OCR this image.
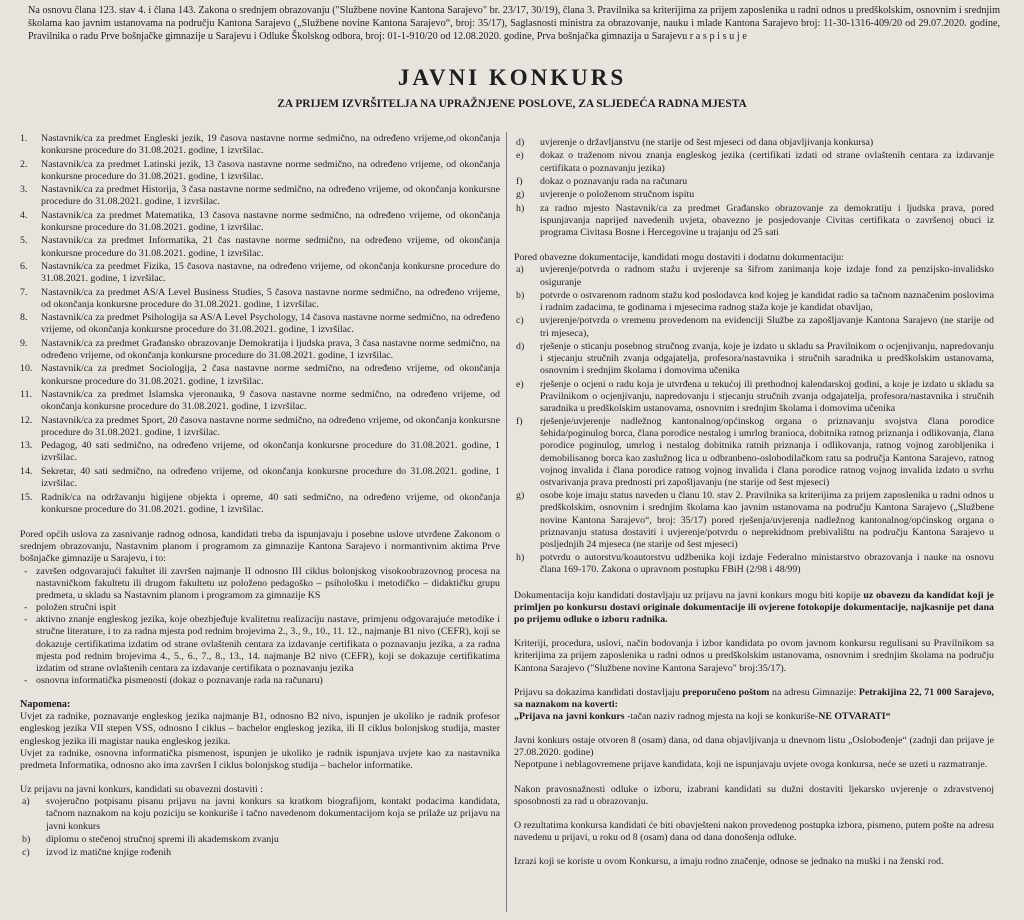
Na osnovu člana 123. stav 4. i člana 143. Zakona o srednjem obrazovanju ("Službene novine Kantona Sarajevo" br. 23/17, 30/19), člana 3. Pravilnika sa kriterijima za prijem zaposlenika u radni odnos u predškolskim, osnovnim i srednjim školama kao javnim ustanovama na području Kantona Sarajevo („Službene novine Kantona Sarajevo“, broj: 35/17), Saglasnosti ministra za obrazovanje, nauku i mlade Kantona Sarajevo broj: 11-30-1316-409/20 od 29.07.2020. godine, Pravilnika o radu Prve bošnjačke gimnazije u Sarajevu i Odluke Školskog odbora, broj: 01-1-910/20 od 12.08.2020. godine, Prva bošnjačka gimnazija u Sarajevu raspisuje
JAVNI KONKURS
ZA PRIJEM IZVRŠITELJA NA UPRAŽNJENE POSLOVE, ZA SLJEDEĆA RADNA MJESTA
1. Nastavnik/ca za predmet Engleski jezik, 19 časova nastavne norme sedmično, na određeno vrijeme,od okončanja konkursne procedure do 31.08.2021. godine, 1 izvršilac.
2. Nastavnik/ca za predmet Latinski jezik, 13 časova nastavne norme sedmično, na određeno vrijeme, od okončanja konkursne procedure do 31.08.2021. godine, 1 izvršilac.
3. Nastavnik/ca za predmet Historija, 3 časa nastavne norme sedmično, na određeno vrijeme, od okončanja konkursne procedure do 31.08.2021. godine, 1 izvršilac.
4. Nastavnik/ca za predmet Matematika, 13 časova nastavne norme sedmično, na određeno vrijeme, od okončanja konkursne procedure do 31.08.2021. godine, 1 izvršilac.
5. Nastavnik/ca za predmet Informatika, 21 čas nastavne norme sedmično, na određeno vrijeme, od okončanja konkursne procedure do 31.08.2021. godine, 1 izvršilac.
6. Nastavnik/ca za predmet Fizika, 15 časova nastavne, na određeno vrijeme, od okončanja konkursne procedure do 31.08.2021. godine, 1 izvršilac.
7. Nastavnik/ca za predmet AS/A Level Business Studies, 5 časova nastavne norme sedmično, na određeno vrijeme, od okončanja konkursne procedure do 31.08.2021. godine, 1 izvršilac.
8. Nastavnik/ca za predmet Psihologija sa AS/A Level Psychology, 14 časova nastavne norme sedmično, na određeno vrijeme, od okončanja konkursne procedure do 31.08.2021. godine, 1 izvršilac.
9. Nastavnik/ca za predmet Građansko obrazovanje Demokratija i ljudska prava, 3 časa nastavne norme sedmično, na određeno vrijeme, od okončanja konkursne procedure do 31.08.2021. godine, 1 izvršilac.
10. Nastavnik/ca za predmet Sociologija, 2 časa nastavne norme sedmično, na određeno vrijeme, od okončanja konkursne procedure do 31.08.2021. godine, 1 izvršilac.
11. Nastavnik/ca za predmet Islamska vjeronauka, 9 časova nastavne norme sedmično, na određeno vrijeme, od okončanja konkursne procedure do 31.08.2021. godine, 1 izvršilac.
12. Nastavnik/ca za predmet Sport, 20 časova nastavne norme sedmično, na određeno vrijeme, od okončanja konkursne procedure do 31.08.2021. godine, 1 izvršilac.
13. Pedagog, 40 sati sedmično, na određeno vrijeme, od okončanja konkursne procedure do 31.08.2021. godine, 1 izvršilac.
14. Sekretar, 40 sati sedmično, na određeno vrijeme, od okončanja konkursne procedure do 31.08.2021. godine, 1 izvršilac.
15. Radnik/ca na održavanju higijene objekta i opreme, 40 sati sedmično, na određeno vrijeme, od okončanja konkursne procedure do 31.08.2021. godine, 1 izvršilac.

Pored općih uslova za zasnivanje radnog odnosa, kandidati treba da ispunjavaju i posebne uslove utvrđene Zakonom o srednjem obrazovanju, Nastavnim planom i programom za gimnazije Kantona Sarajevo i normantivnim aktima Prve bošnjačke gimnazije u Sarajevu, i to:

- završen odgovarajući fakultet ili završen najmanje II odnosno III ciklus bolonjskog visokoobrazovnog procesa na nastavničkom fakultetu ili drugom fakultetu uz položeno pedagoško – psihološku i metodičko – didaktičku grupu predmeta, u skladu sa Nastavnim planom i programom za gimnazije KS
- položen stručni ispit
- aktivno znanje engleskog jezika, koje obezbjeđuje kvalitetnu realizaciju nastave, primjenu odgovarajuće metodike i stručne literature, i to za radna mjesta pod rednim brojevima 2., 3., 9., 10., 11. 12., najmanje B1 nivo (CEFR), koji se dokazuje certifikatima izdatim od strane ovlaštenih centara za izdavanje certifikata o poznavanju jezika, a za radna mjesta pod rednim brojevima 4., 5., 6., 7., 8., 13., 14. najmanje B2 nivo (CEFR), koji se dokazuje certifikatima izdatim od strane ovlaštenih centara za izdavanje certifikata o poznavanju jezika
- osnovna informatička pismenosti (dokaz o poznavanje rada na računaru)
Napomena:

Uvjet za radnike, poznavanje engleskog jezika najmanje B1, odnosno B2 nivo, ispunjen je ukoliko je radnik profesor engleskog jezika VII stepen VSS, odnosno I ciklus – bachelor engleskog jezika, ili II ciklus bolonjskog studija, master engleskog jezika ili magistar nauka engleskog jezika.

Uvjet za radnike, osnovna informatička pismenost, ispunjen je ukoliko je radnik ispunjava uvjete kao za nastavnika predmeta Informatika, odnosno ako ima završen I ciklus bolonjskog studija – bachelor informatike.

Uz prijavu na javni konkurs, kandidati su obavezni dostaviti :

a) svojeručno potpisanu pisanu prijavu na javni konkurs sa kratkom biografijom, kontakt podacima kandidata, tačnom naznakom na koju poziciju se konkuriše i tačno navedenom dokumentacijom koja se prilaže uz prijavu na javni konkurs
b) diplomu o stečenoj stručnoj spremi ili akademskom zvanju
c) izvod iz matične knjige rođenih
d) uvjerenje o državljanstvu (ne starije od šest mjeseci od dana objavljivanja konkursa)
e) dokaz o traženom nivou znanja engleskog jezika (certifikati izdati od strane ovlaštenih centara za izdavanje certifikata o poznavanju jezika)
f) dokaz o poznavanju rada na računaru
g) uvjerenje o položenom stručnom ispitu
h) za radno mjesto Nastavnik/ca za predmet Građansko obrazovanje za demokratiju i ljudska prava, pored ispunjavanja naprijed navedenih uvjeta, obavezno je posjedovanje Civitas certifikata o završenoj obuci iz programa Civitasa Bosne i Hercegovine u trajanju od 25 sati

Pored obavezne dokumentacije, kandidati mogu dostaviti i dodatnu dokumentaciju:

a) uvjerenje/potvrda o radnom stažu i uvjerenje sa šifrom zanimanja koje izdaje fond za penzijsko-invalidsko osiguranje
b) potvrde o ostvarenom radnom stažu kod poslodavca kod kojeg je kandidat radio sa tačnom naznačenim poslovima i radnim zadacima, te godinama i mjesecima radnog staža koje je kandidat obavljao,
c) uvjerenje/potvrda o vremenu provedenom na evidenciji Službe za zapošljavanje Kantona Sarajevo (ne starije od tri mjeseca),
d) rješenje o sticanju posebnog stručnog zvanja, koje je izdato u skladu sa Pravilnikom o ocjenjivanju, napredovanju i stjecanju stručnih zvanja odgajatelja, profesora/nastavnika i stručnih saradnika u predškolskim ustanovama, osnovnim i srednjim školama i domovima učenika
e) rješenje o ocjeni o radu koja je utvrđena u tekućoj ili prethodnoj kalendarskoj godini, a koje je izdato u skladu sa Pravilnikom o ocjenjivanju, napredovanju i stjecanju stručnih zvanja odgajatelja, profesora/nastavnika i stručnih saradnika u predškolskim ustanovama, osnovnim i srednjim školama i domovima učenika
f) rješenje/uvjerenje nadležnog kantonalnog/općinskog organa o priznavanju svojstva člana porodice šehida/poginulog borca, člana porodice nestalog i umrlog branioca, dobitnika ratnog priznanja i odlikovanja, člana porodice poginulog, umrlog i nestalog dobitnika ratnih priznanja i odlikovanja, ratnog vojnog zarobljenika i demobilisanog borca kao zaslužnog lica u odbranbeno-oslobodilačkom ratu sa područja Kantona Sarajevo, ratnog vojnog invalida i člana porodice ratnog vojnog invalida i člana porodice ratnog vojnog invalida izdato u svrhu ostvarivanja prava prednosti pri zapošljavanju (ne starije od šest mjeseci)
g) osobe koje imaju status naveden u članu 10. stav 2. Pravilnika sa kriterijima za prijem zaposlenika u radni odnos u predškolskim, osnovnim i srednjim školama kao javnim ustanovama na području Kantona Sarajevo („Službene novine Kantona Sarajevo“, broj: 35/17) pored rješenja/uvjerenja nadležnog kantonalnog/općinskog organa o priznavanju statusa dostaviti i uvjerenje/potvrdu o neprekidnom prebivalištu na području Kantona Sarajevo u posljednjih 24 mjeseca (ne starije od šest mjeseci)
h) potvrdu o autorstvu/koautorstvu udžbenika koji izdaje Federalno ministarstvo obrazovanja i nauke na osnovu člana 169-170. Zakona o upravnom postupku FBiH (2/98 i 48/99)

Dokumentacija koju kandidati dostavljaju uz prijavu na javni konkurs mogu biti kopije uz obavezu da kandidat koji je primljen po konkursu dostavi originale dokumentacije ili ovjerene fotokopije dokumentacije, najkasnije pet dana po prijemu odluke o izboru radnika.

Kriteriji, procedura, uslovi, način bodovanja i izbor kandidata po ovom javnom konkursu regulisani su Pravilnikom sa kriterijima za prijem zaposlenika u radni odnos u predškolskim ustanovama, osnovnim i srednjim školama na području Kantona Sarajevo ("Službene novine Kantona Sarajevo" broj:35/17).

Prijavu sa dokazima kandidati dostavljaju preporučeno poštom na adresu Gimnazije: Petrakijina 22, 71 000 Sarajevo, sa naznakom na koverti:
„Prijava na javni konkurs -tačan naziv radnog mjesta na koji se konkuriše-NE OTVARATI“

Javni konkurs ostaje otvoren 8 (osam) dana, od dana objavljivanja u dnevnom listu „Oslobođenje“ (zadnji dan prijave je 27.08.2020. godine)

Nepotpune i neblagovremene prijave kandidata, koji ne ispunjavaju uvjete ovoga konkursa, neće se uzeti u razmatranje.

Nakon pravosnažnosti odluke o izboru, izabrani kandidati su dužni dostaviti ljekarsko uvjerenje o zdravstvenoj sposobnosti za rad u obrazovanju.

O rezultatima konkursa kandidati će biti obavješteni nakon provedenog postupka izbora, pismeno, putem pošte na adresu navedenu u prijavi, u roku od 8 (osam) dana od dana donošenja odluke.

Izrazi koji se koriste u ovom Konkursu, a imaju rodno značenje, odnose se jednako na muški i na ženski rod.
